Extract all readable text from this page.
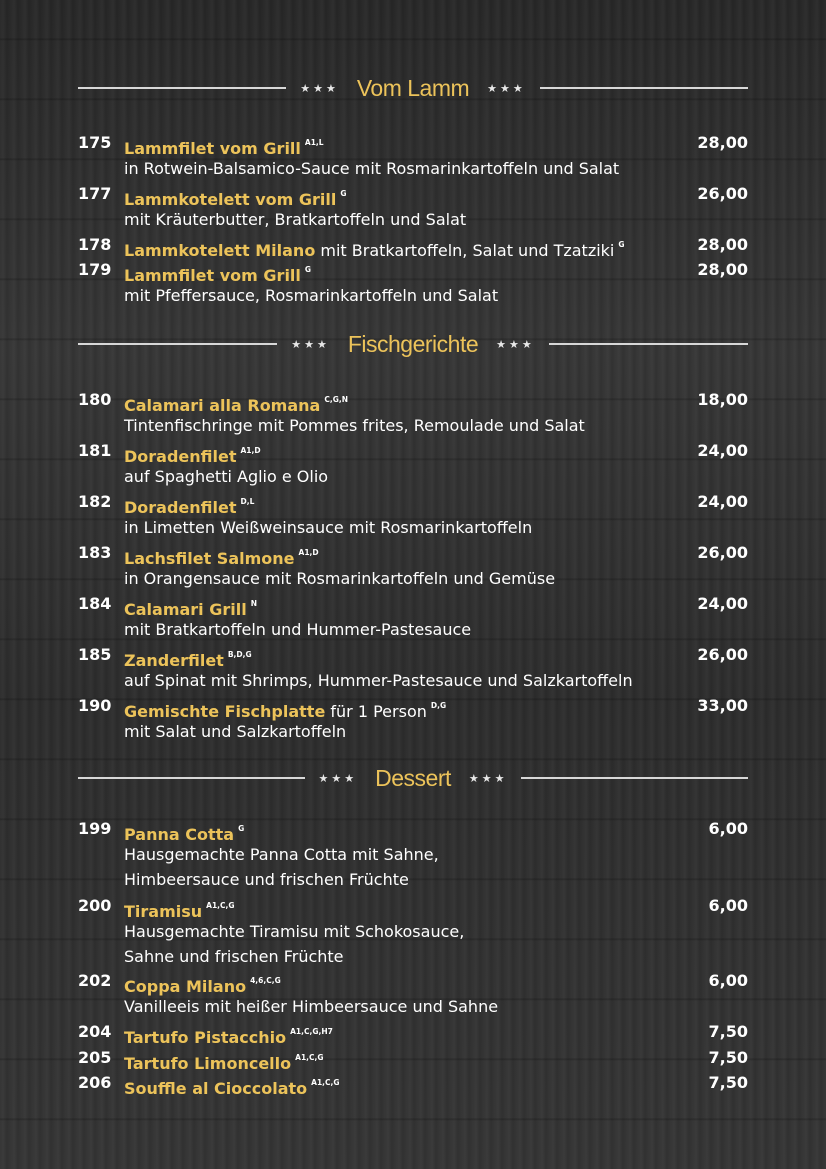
★★★ Vom Lamm ★★★
175 Lammfilet vom Grill $^{A1,L}$	28,00
in Rotwein-Balsamico-Sauce mit Rosmarinkartoffeln und Salat
177 Lammkotelett vom Grill $^G$	26,00
mit Kräuterbutter, Bratkartoffeln und Salat
178 Lammkotelett Milano mit Bratkartoffeln, Salat und Tzatziki $^G$	28,00
179 Lammfilet vom Grill $^G$	28,00
mit Pfeffersauce, Rosmarinkartoffeln und Salat
★★★ Fischgerichte ★★★
180 Calamari alla Romana $^{C,G,N}$	18,00
Tintenfischringe mit Pommes frites, Remoulade und Salat
181 Doradenfilet $^{A1,D}$	24,00
auf Spaghetti Aglio e Olio
182 Doradenfilet $^{D,L}$	24,00
in Limetten Weißweinsauce mit Rosmarinkartoffeln
183 Lachsfilet Salmone $^{A1,D}$	26,00
in Orangensauce mit Rosmarinkartoffeln und Gemüse
184 Calamari Grill $^N$	24,00
mit Bratkartoffeln und Hummer-Pastesauce
185 Zanderfilet $^{B,D,G}$	26,00
auf Spinat mit Shrimps, Hummer-Pastesauce und Salzkartoffeln
190 Gemischte Fischplatte für 1 Person $^{D,G}$	33,00
mit Salat und Salzkartoffeln
★★★ Dessert ★★★
199 Panna Cotta $^G$	6,00
Hausgemachte Panna Cotta mit Sahne,
Himbeersauce und frischen Früchte
200 Tiramisu $^{A1,C,G}$	6,00
Hausgemachte Tiramisu mit Schokosauce,
Sahne und frischen Früchte
202 Coppa Milano $^{4,6,C,G}$	6,00
Vanilleeis mit heißer Himbeersauce und Sahne
204 Tartufo Pistacchio $^{A1,C,G,H7}$	7,50
205 Tartufo Limoncello $^{A1,C,G}$	7,50
206 Souffle al Cioccolato $^{A1,C,G}$	7,50
